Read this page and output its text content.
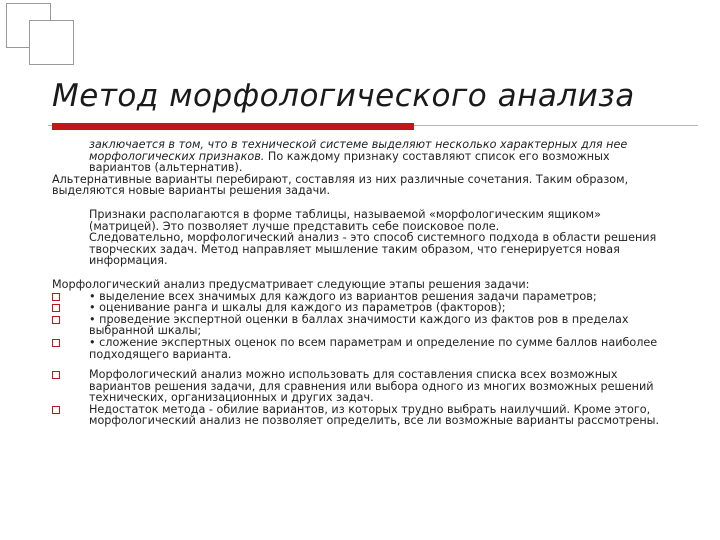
Метод морфологического анализа

заключается в том, что в технической системе выделяют несколько характерных для нее морфологических признаков. По каждому признаку составляют список его возможных вариантов (альтернатив).

Альтернативные варианты перебирают, составляя из них различные сочетания. Таким образом, выделяются новые варианты решения задачи.

Признаки располагаются в форме таблицы, называемой «морфологическим ящиком» (матрицей). Это позволяет лучше представить себе поисковое поле.

Следовательно, морфологический анализ - это способ системного подхода в области решения творческих задач. Метод направляет мышление таким образом, что генерируется новая информация.

Морфологический анализ предусматривает следующие этапы решения задачи:

• выделение всех значимых для каждого из вариантов решения задачи параметров;
• оценивание ранга и шкалы для каждого из параметров (факторов);
• проведение экспертной оценки в баллах значимости каждого из фактов ров в пределах выбранной шкалы;
• сложение экспертных оценок по всем параметрам и определение по сумме баллов наиболее подходящего варианта.
Морфологический анализ можно использовать для составления списка всех возможных вариантов решения задачи, для сравнения или выбора одного из многих возможных решений технических, организационных и других задач.
Недостаток метода - обилие вариантов, из которых трудно выбрать наилучший. Кроме этого, морфологический анализ не позволяет определить, все ли возможные варианты рассмотрены.
